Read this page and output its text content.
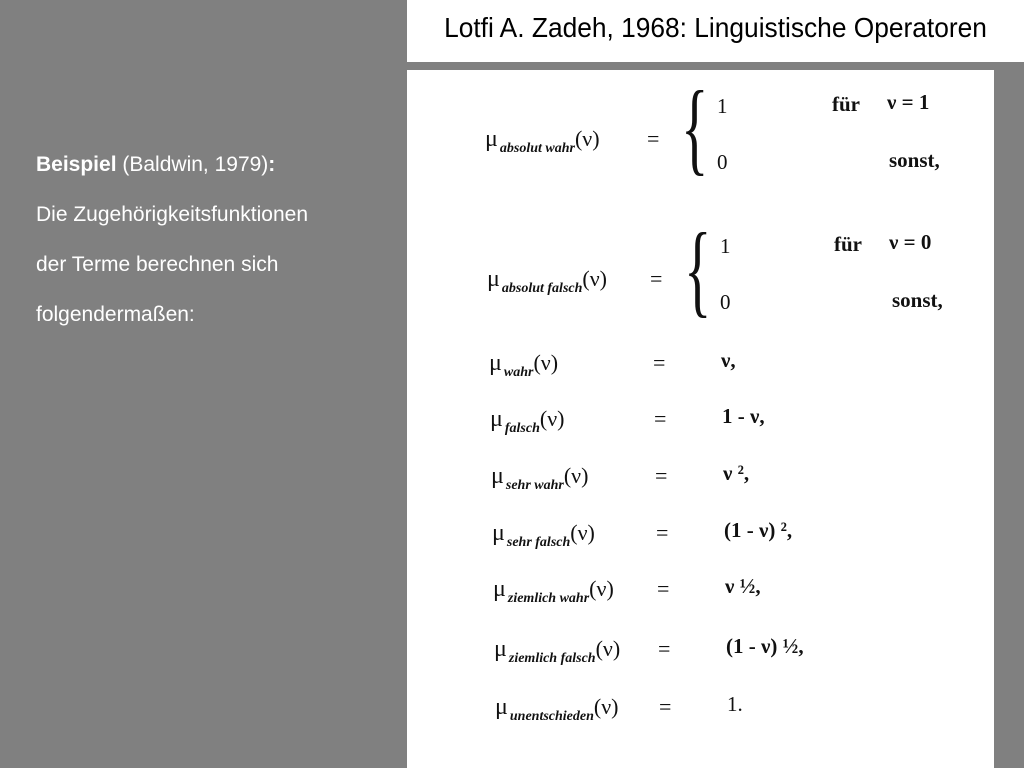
Lotfi A. Zadeh, 1968: Linguistische Operatoren
Beispiel (Baldwin, 1979):
Die Zugehörigkeitsfunktionen
der Terme berechnen sich
folgendermaßen:
μabsolut wahr(ν) = { 1	für ν = 1
0	sonst,
μabsolut falsch(ν) = { 1	für ν = 0
0	sonst,
μwahr(ν)	=	ν,
μfalsch(ν)	=	1 - ν,
μsehr wahr(ν)	=	ν ²,
μsehr falsch(ν)	=	(1 - ν) ²,
μziemlich wahr(ν) =	ν ½,
μziemlich falsch(ν) =	(1 - ν) ½,
μunentschieden(ν) =	1.
